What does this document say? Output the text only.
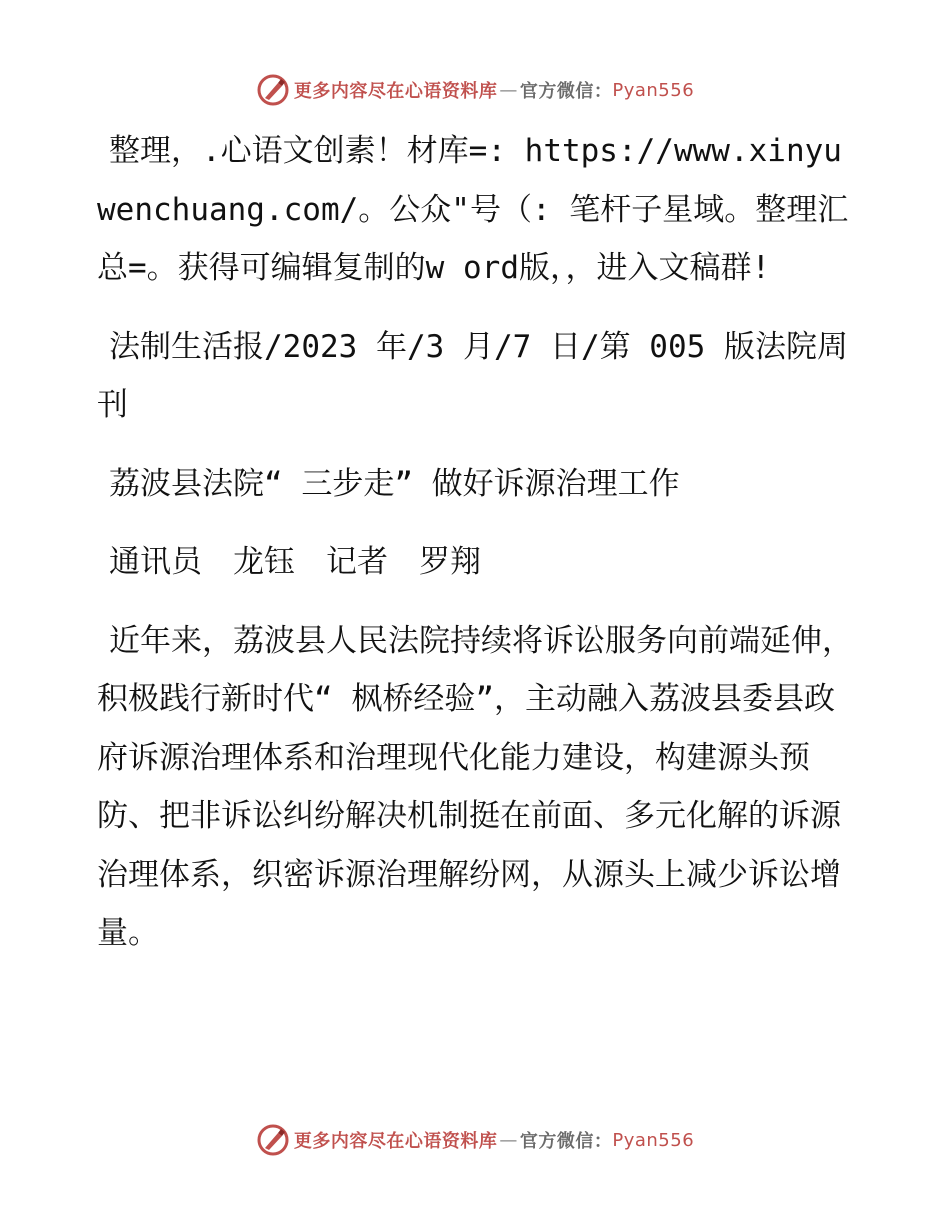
更多内容尽在心语资料库 — 官方微信： Pyan556

整理，.心语文创素！材库=: https://www.xinyuwenchuang.com/。公众"号（: 笔杆子星域。整理汇总=。获得可编辑复制的w ord版，，进入文稿群!

法制生活报/2023 年/3 月/7 日/第 005 版法院周刊

荔波县法院“ 三步走” 做好诉源治理工作

通讯员　龙钰　记者　罗翔

近年来，荔波县人民法院持续将诉讼服务向前端延伸，积极践行新时代“ 枫桥经验”，主动融入荔波县委县政府诉源治理体系和治理现代化能力建设，构建源头预防、把非诉讼纠纷解决机制挺在前面、多元化解的诉源治理体系，织密诉源治理解纷网，从源头上减少诉讼增量。

更多内容尽在心语资料库 — 官方微信： Pyan556
